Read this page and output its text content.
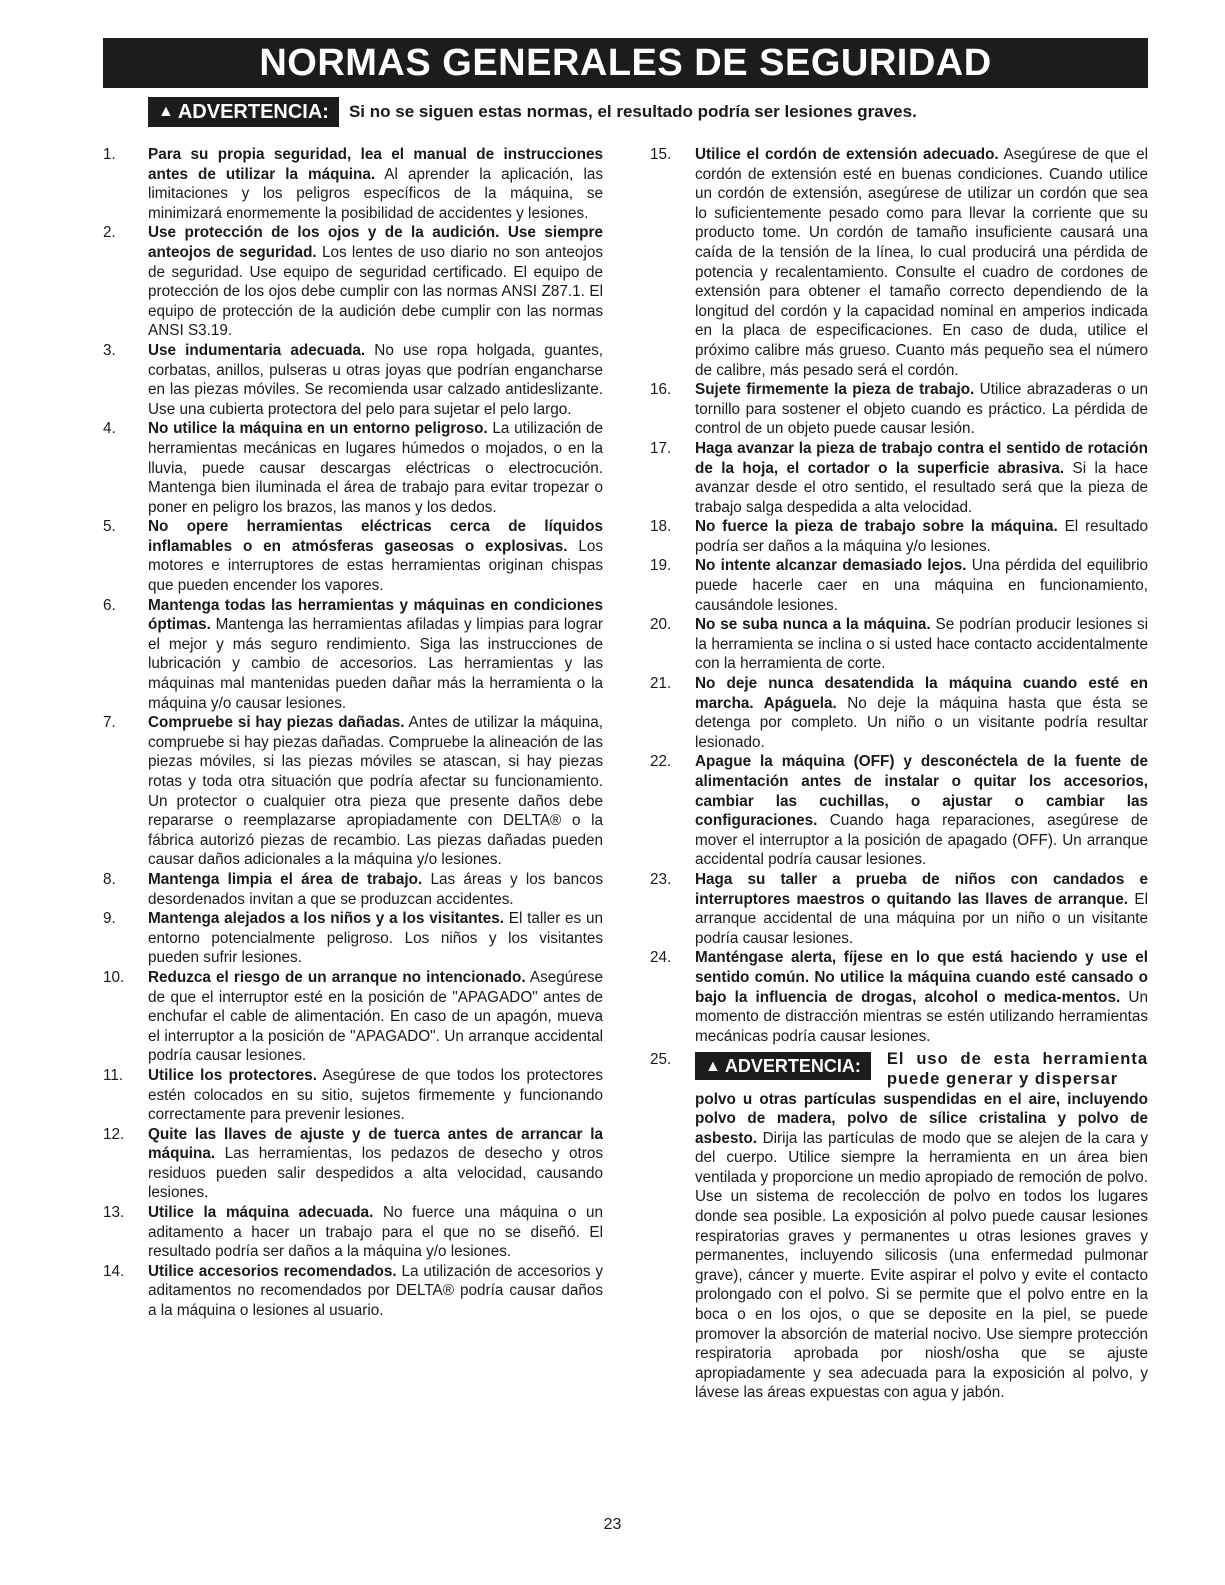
NORMAS GENERALES DE SEGURIDAD
▲ ADVERTENCIA: Si no se siguen estas normas, el resultado podría ser lesiones graves.
1.	Para su propia seguridad, lea el manual de instrucciones antes de utilizar la máquina. Al aprender la aplicación, las limitaciones y los peligros específicos de la máquina, se minimizará enormemente la posibilidad de accidentes y lesiones.
2.	Use protección de los ojos y de la audición. Use siempre anteojos de seguridad. Los lentes de uso diario no son anteojos de seguridad. Use equipo de seguridad certificado. El equipo de protección de los ojos debe cumplir con las normas ANSI Z87.1. El equipo de protección de la audición debe cumplir con las normas ANSI S3.19.
3.	Use indumentaria adecuada. No use ropa holgada, guantes, corbatas, anillos, pulseras u otras joyas que podrían engancharse en las piezas móviles. Se recomienda usar calzado antideslizante. Use una cubierta protectora del pelo para sujetar el pelo largo.
4.	No utilice la máquina en un entorno peligroso. La utilización de herramientas mecánicas en lugares húmedos o mojados, o en la lluvia, puede causar descargas eléctricas o electrocución. Mantenga bien iluminada el área de trabajo para evitar tropezar o poner en peligro los brazos, las manos y los dedos.
5.	No opere herramientas eléctricas cerca de líquidos inflamables o en atmósferas gaseosas o explosivas. Los motores e interruptores de estas herramientas originan chispas que pueden encender los vapores.
6.	Mantenga todas las herramientas y máquinas en condiciones óptimas. Mantenga las herramientas afiladas y limpias para lograr el mejor y más seguro rendimiento. Siga las instrucciones de lubricación y cambio de accesorios. Las herramientas y las máquinas mal mantenidas pueden dañar más la herramienta o la máquina y/o causar lesiones.
7.	Compruebe si hay piezas dañadas. Antes de utilizar la máquina, compruebe si hay piezas dañadas. Compruebe la alineación de las piezas móviles, si las piezas móviles se atascan, si hay piezas rotas y toda otra situación que podría afectar su funcionamiento. Un protector o cualquier otra pieza que presente daños debe repararse o reemplazarse apropiadamente con DELTA® o la fábrica autorizó piezas de recambio. Las piezas dañadas pueden causar daños adicionales a la máquina y/o lesiones.
8.	Mantenga limpia el área de trabajo. Las áreas y los bancos desordenados invitan a que se produzcan accidentes.
9.	Mantenga alejados a los niños y a los visitantes. El taller es un entorno potencialmente peligroso. Los niños y los visitantes pueden sufrir lesiones.
10.	Reduzca el riesgo de un arranque no intencionado. Asegúrese de que el interruptor esté en la posición de "APAGADO" antes de enchufar el cable de alimentación. En caso de un apagón, mueva el interruptor a la posición de "APAGADO". Un arranque accidental podría causar lesiones.
11.	Utilice los protectores. Asegúrese de que todos los protectores estén colocados en su sitio, sujetos firmemente y funcionando correctamente para prevenir lesiones.
12.	Quite las llaves de ajuste y de tuerca antes de arrancar la máquina. Las herramientas, los pedazos de desecho y otros residuos pueden salir despedidos a alta velocidad, causando lesiones.
13.	Utilice la máquina adecuada. No fuerce una máquina o un aditamento a hacer un trabajo para el que no se diseñó. El resultado podría ser daños a la máquina y/o lesiones.
14.	Utilice accesorios recomendados. La utilización de accesorios y aditamentos no recomendados por DELTA® podría causar daños a la máquina o lesiones al usuario.
15.	Utilice el cordón de extensión adecuado. Asegúrese de que el cordón de extensión esté en buenas condiciones. Cuando utilice un cordón de extensión, asegúrese de utilizar un cordón que sea lo suficientemente pesado como para llevar la corriente que su producto tome. Un cordón de tamaño insuficiente causará una caída de la tensión de la línea, lo cual producirá una pérdida de potencia y recalentamiento. Consulte el cuadro de cordones de extensión para obtener el tamaño correcto dependiendo de la longitud del cordón y la capacidad nominal en amperios indicada en la placa de especificaciones. En caso de duda, utilice el próximo calibre más grueso. Cuanto más pequeño sea el número de calibre, más pesado será el cordón.
16.	Sujete firmemente la pieza de trabajo. Utilice abrazaderas o un tornillo para sostener el objeto cuando es práctico. La pérdida de control de un objeto puede causar lesión.
17.	Haga avanzar la pieza de trabajo contra el sentido de rotación de la hoja, el cortador o la superficie abrasiva. Si la hace avanzar desde el otro sentido, el resultado será que la pieza de trabajo salga despedida a alta velocidad.
18.	No fuerce la pieza de trabajo sobre la máquina. El resultado podría ser daños a la máquina y/o lesiones.
19.	No intente alcanzar demasiado lejos. Una pérdida del equilibrio puede hacerle caer en una máquina en funcionamiento, causándole lesiones.
20.	No se suba nunca a la máquina. Se podrían producir lesiones si la herramienta se inclina o si usted hace contacto accidentalmente con la herramienta de corte.
21.	No deje nunca desatendida la máquina cuando esté en marcha. Apáguela. No deje la máquina hasta que ésta se detenga por completo. Un niño o un visitante podría resultar lesionado.
22.	Apague la máquina (OFF) y desconéctela de la fuente de alimentación antes de instalar o quitar los accesorios, cambiar las cuchillas, o ajustar o cambiar las configuraciones. Cuando haga reparaciones, asegúrese de mover el interruptor a la posición de apagado (OFF). Un arranque accidental podría causar lesiones.
23.	Haga su taller a prueba de niños con candados e interruptores maestros o quitando las llaves de arranque. El arranque accidental de una máquina por un niño o un visitante podría causar lesiones.
24.	Manténgase alerta, fíjese en lo que está haciendo y use el sentido común. No utilice la máquina cuando esté cansado o bajo la influencia de drogas, alcohol o medica-mentos. Un momento de distracción mientras se estén utilizando herramientas mecánicas podría causar lesiones.
25.	▲ ADVERTENCIA: El uso de esta herramienta puede generar y dispersar
polvo u otras partículas suspendidas en el aire, incluyendo polvo de madera, polvo de sílice cristalina y polvo de asbesto. Dirija las partículas de modo que se alejen de la cara y del cuerpo. Utilice siempre la herramienta en un área bien ventilada y proporcione un medio apropiado de remoción de polvo. Use un sistema de recolección de polvo en todos los lugares donde sea posible. La exposición al polvo puede causar lesiones respiratorias graves y permanentes u otras lesiones graves y permanentes, incluyendo silicosis (una enfermedad pulmonar grave), cáncer y muerte. Evite aspirar el polvo y evite el contacto prolongado con el polvo. Si se permite que el polvo entre en la boca o en los ojos, o que se deposite en la piel, se puede promover la absorción de material nocivo. Use siempre protección respiratoria aprobada por niosh/osha que se ajuste apropiadamente y sea adecuada para la exposición al polvo, y lávese las áreas expuestas con agua y jabón.
23
